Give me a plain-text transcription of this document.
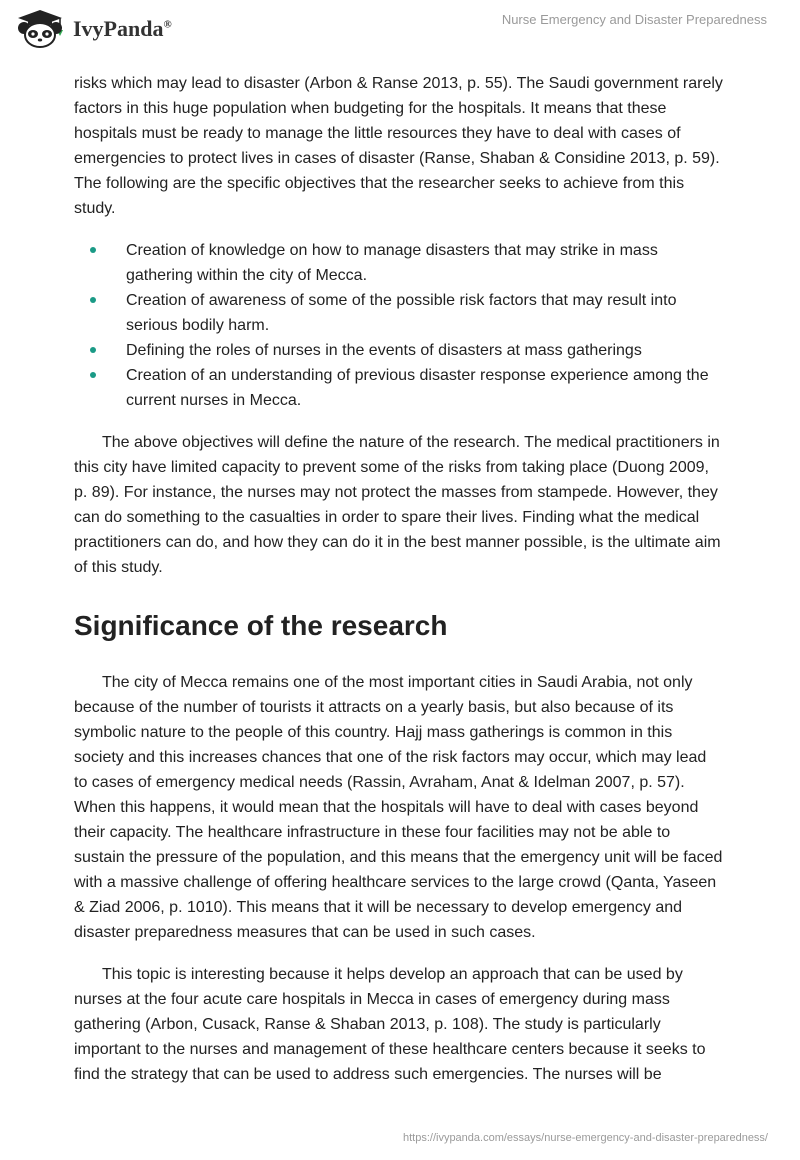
IvyPanda®	Nurse Emergency and Disaster Preparedness

risks which may lead to disaster (Arbon & Ranse 2013, p. 55). The Saudi government rarely factors in this huge population when budgeting for the hospitals. It means that these hospitals must be ready to manage the little resources they have to deal with cases of emergencies to protect lives in cases of disaster (Ranse, Shaban & Considine 2013, p. 59). The following are the specific objectives that the researcher seeks to achieve from this study.

Creation of knowledge on how to manage disasters that may strike in mass gathering within the city of Mecca.
Creation of awareness of some of the possible risk factors that may result into serious bodily harm.
Defining the roles of nurses in the events of disasters at mass gatherings
Creation of an understanding of previous disaster response experience among the current nurses in Mecca.

The above objectives will define the nature of the research. The medical practitioners in this city have limited capacity to prevent some of the risks from taking place (Duong 2009, p. 89). For instance, the nurses may not protect the masses from stampede. However, they can do something to the casualties in order to spare their lives. Finding what the medical practitioners can do, and how they can do it in the best manner possible, is the ultimate aim of this study.

Significance of the research

The city of Mecca remains one of the most important cities in Saudi Arabia, not only because of the number of tourists it attracts on a yearly basis, but also because of its symbolic nature to the people of this country. Hajj mass gatherings is common in this society and this increases chances that one of the risk factors may occur, which may lead to cases of emergency medical needs (Rassin, Avraham, Anat & Idelman 2007, p. 57). When this happens, it would mean that the hospitals will have to deal with cases beyond their capacity. The healthcare infrastructure in these four facilities may not be able to sustain the pressure of the population, and this means that the emergency unit will be faced with a massive challenge of offering healthcare services to the large crowd (Qanta, Yaseen & Ziad 2006, p. 1010). This means that it will be necessary to develop emergency and disaster preparedness measures that can be used in such cases.

This topic is interesting because it helps develop an approach that can be used by nurses at the four acute care hospitals in Mecca in cases of emergency during mass gathering (Arbon, Cusack, Ranse & Shaban 2013, p. 108). The study is particularly important to the nurses and management of these healthcare centers because it seeks to find the strategy that can be used to address such emergencies. The nurses will be

https://ivypanda.com/essays/nurse-emergency-and-disaster-preparedness/
